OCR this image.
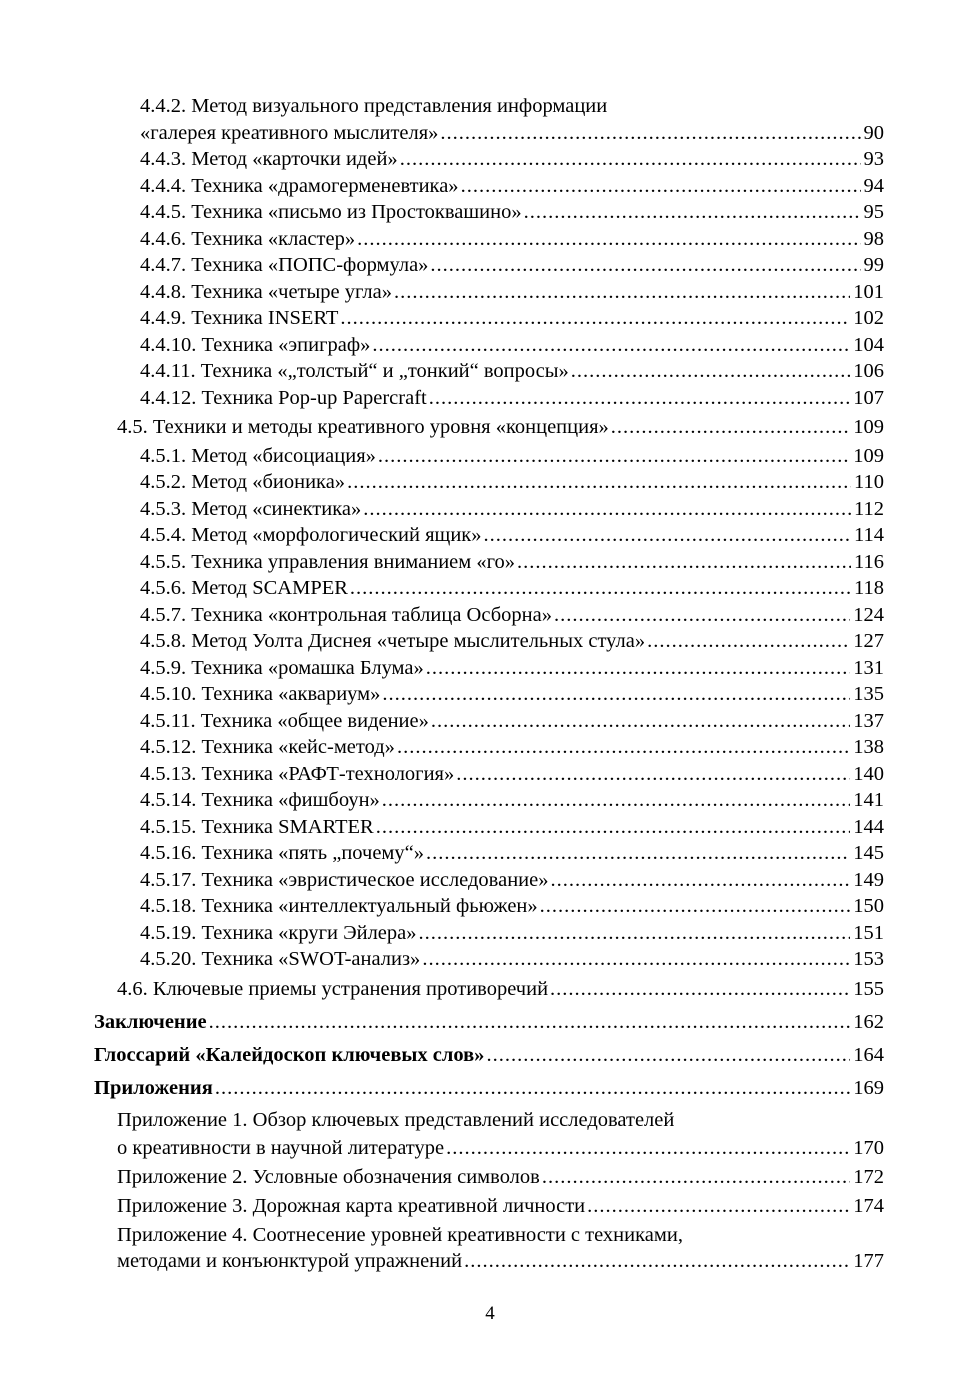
4.4.2. Метод визуального представления информации
«галерея креативного мыслителя» .....	90
4.4.3. Метод «карточки идей» .....	93
4.4.4. Техника «драмогерменевтика» .....	94
4.4.5. Техника «письмо из Простоквашино» .....	95
4.4.6. Техника «кластер» .....	98
4.4.7. Техника «ПОПС-формула» .....	99
4.4.8. Техника «четыре угла» .....	101
4.4.9. Техника INSERT .....	102
4.4.10. Техника «эпиграф» .....	104
4.4.11. Техника «„толстый“ и „тонкий“ вопросы» .....	106
4.4.12. Техника Pop-up Papercraft .....	107
4.5. Техники и методы креативного уровня «концепция» .....	109
4.5.1. Метод «бисоциация» .....	109
4.5.2. Метод «бионика» .....	110
4.5.3. Метод «синектика» .....	112
4.5.4. Метод «морфологический ящик» .....	114
4.5.5. Техника управления вниманием «го» .....	116
4.5.6. Метод SCAMPER .....	118
4.5.7. Техника «контрольная таблица Осборна» .....	124
4.5.8. Метод Уолта Диснея «четыре мыслительных стула» .....	127
4.5.9. Техника «ромашка Блума» .....	131
4.5.10. Техника «аквариум» .....	135
4.5.11. Техника «общее видение» .....	137
4.5.12. Техника «кейс-метод» .....	138
4.5.13. Техника «РАФТ-технология» .....	140
4.5.14. Техника «фишбоун» .....	141
4.5.15. Техника SMARTER .....	144
4.5.16. Техника «пять „почему“» .....	145
4.5.17. Техника «эвристическое исследование» .....	149
4.5.18. Техника «интеллектуальный фьюжен» .....	150
4.5.19. Техника «круги Эйлера» .....	151
4.5.20. Техника «SWOT-анализ» .....	153
4.6. Ключевые приемы устранения противоречий .....	155
Заключение .....	162
Глоссарий «Калейдоскоп ключевых слов» .....	164
Приложения .....	169
Приложение 1. Обзор ключевых представлений исследователей
о креативности в научной литературе .....	170
Приложение 2. Условные обозначения символов .....	172
Приложение 3. Дорожная карта креативной личности .....	174
Приложение 4. Соотнесение уровней креативности с техниками,
методами и конъюнктурой упражнений .....	177
4
